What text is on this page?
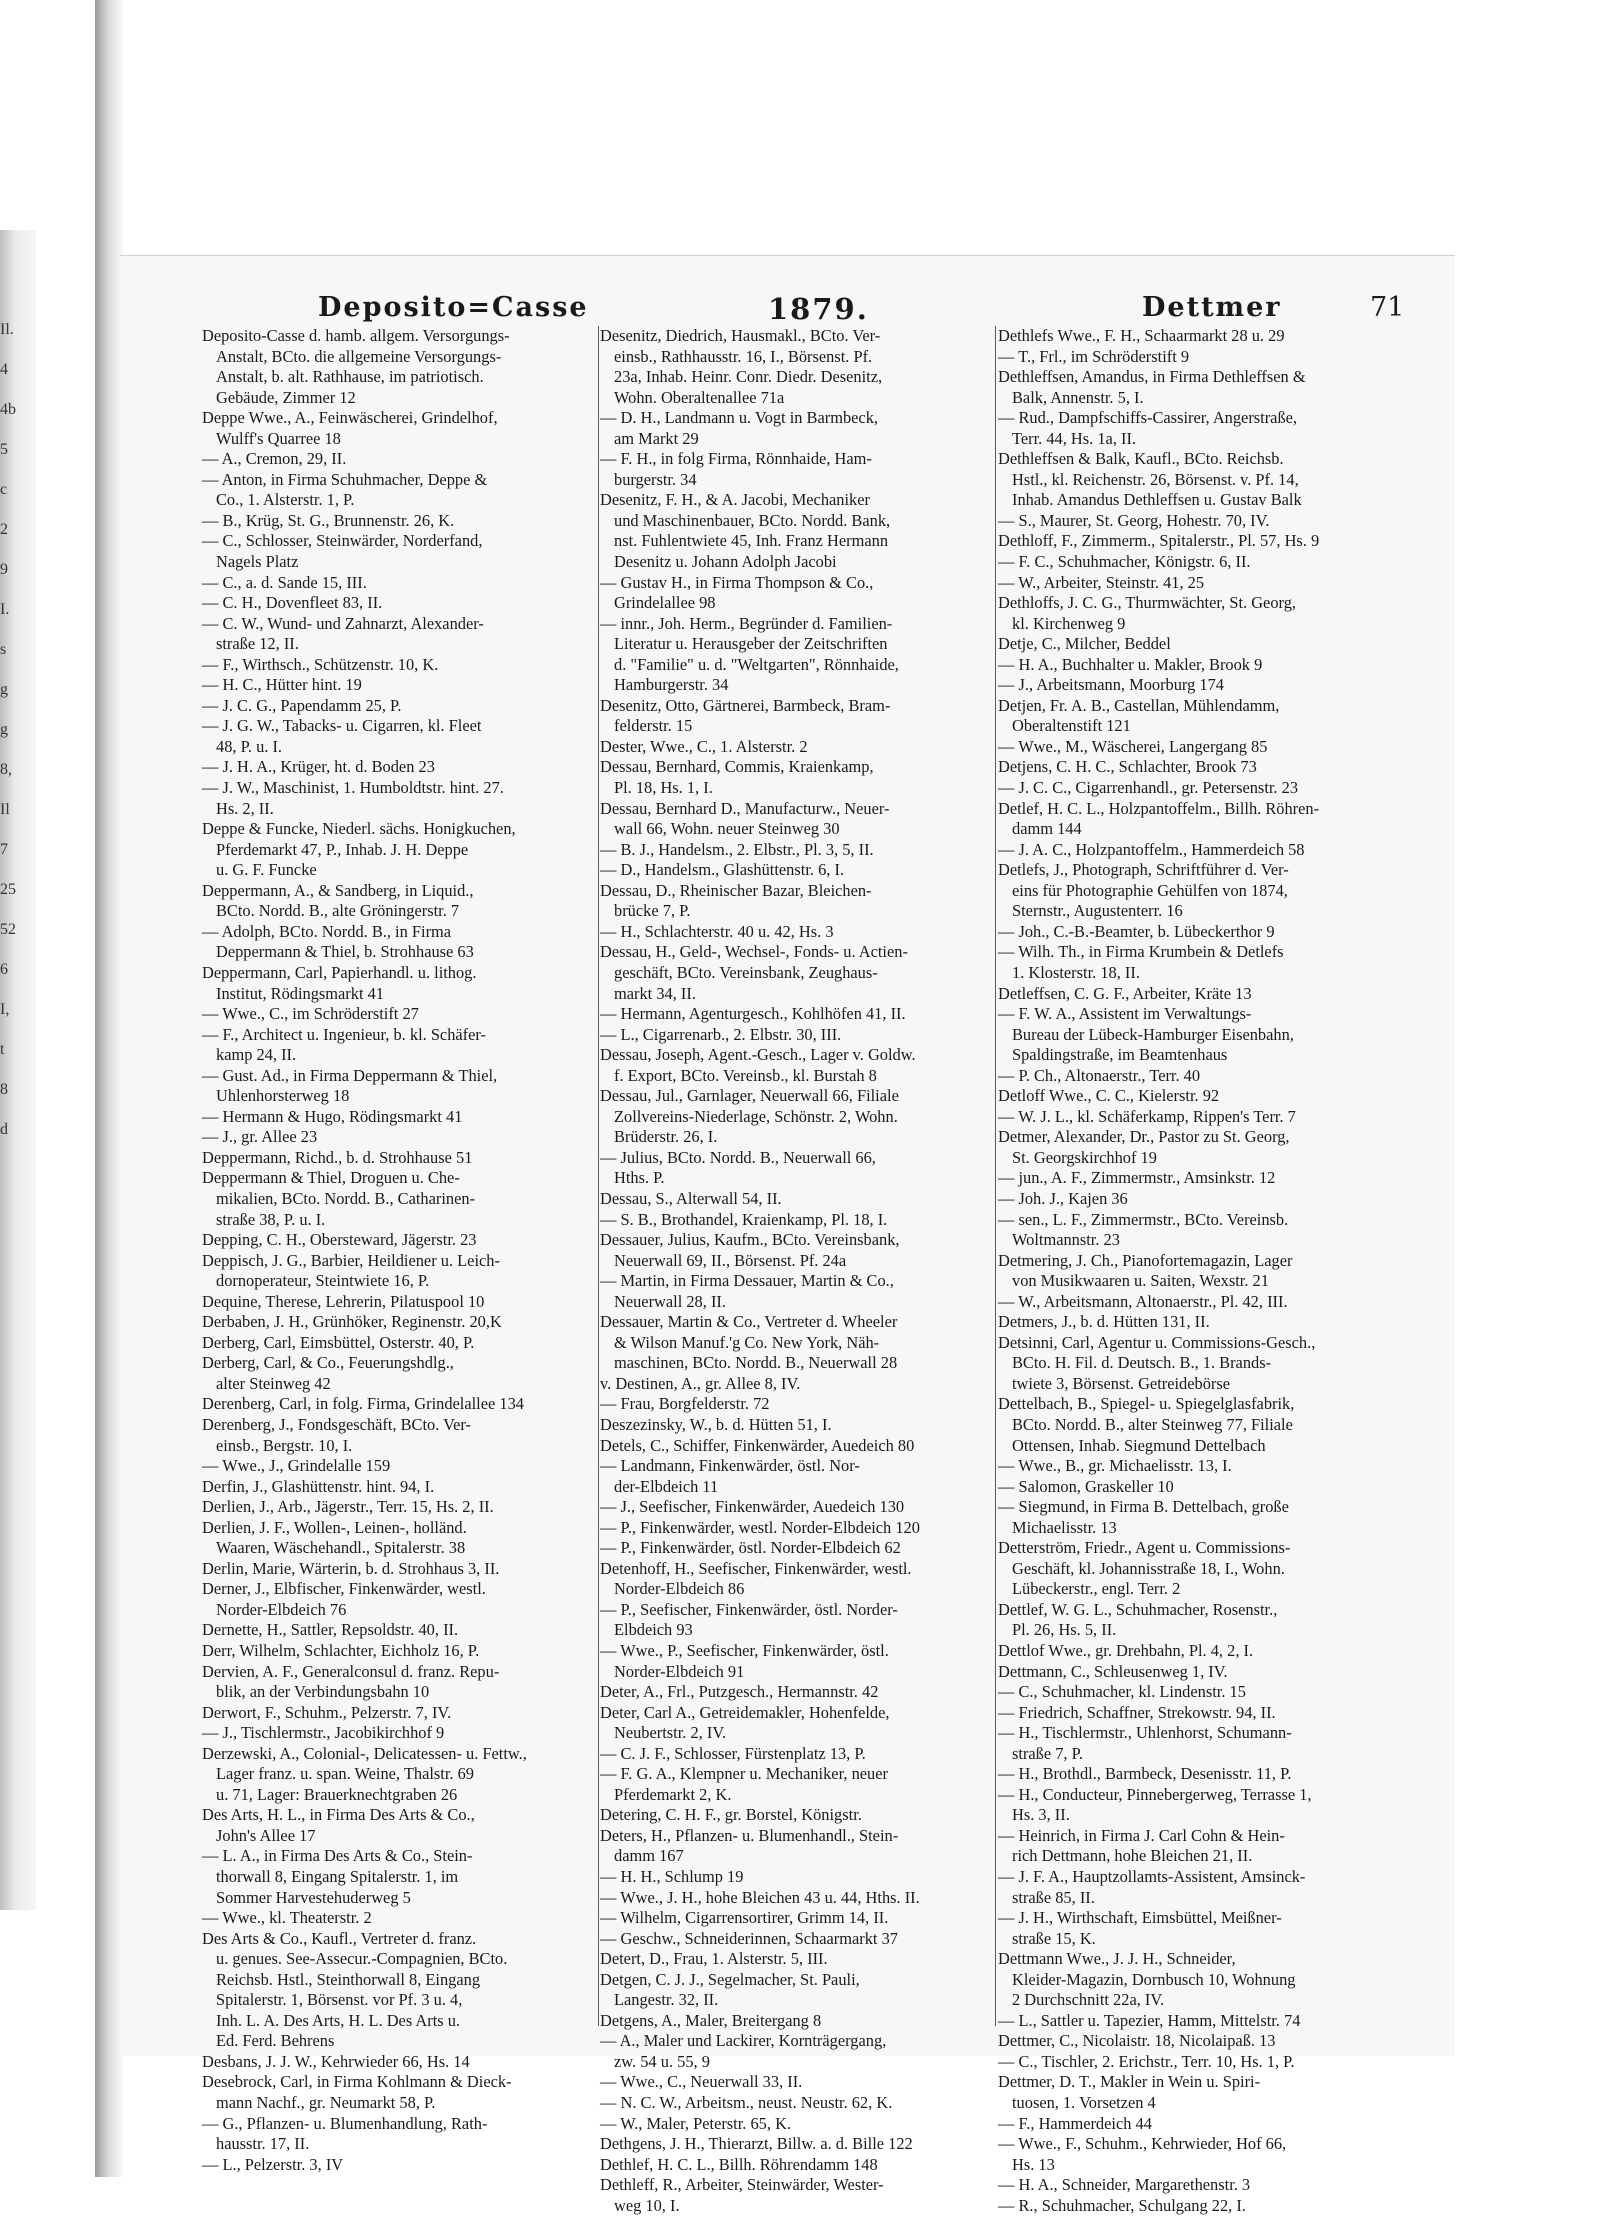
Il.
4
4b
5
c
2
9
I.
s
g
g
8,
Il
7
25
52
6
I,
t
8
d
Deposito=Casse	1879.	Dettmer	71
Deposito-Casse d. hamb. allgem. Versorgungs-
Anstalt, BCto. die allgemeine Versorgungs-
Anstalt, b. alt. Rathhause, im patriotisch.
Gebäude, Zimmer 12
Deppe Wwe., A., Feinwäscherei, Grindelhof,
Wulff's Quarree 18
— A., Cremon, 29, II.
— Anton, in Firma Schuhmacher, Deppe &
Co., 1. Alsterstr. 1, P.
— B., Krüg, St. G., Brunnenstr. 26, K.
— C., Schlosser, Steinwärder, Norderfand,
Nagels Platz
— C., a. d. Sande 15, III.
— C. H., Dovenfleet 83, II.
— C. W., Wund- und Zahnarzt, Alexander-
straße 12, II.
— F., Wirthsch., Schützenstr. 10, K.
— H. C., Hütter hint. 19
— J. C. G., Papendamm 25, P.
— J. G. W., Tabacks- u. Cigarren, kl. Fleet
48, P. u. I.
— J. H. A., Krüger, ht. d. Boden 23
— J. W., Maschinist, 1. Humboldtstr. hint. 27.
Hs. 2, II.
Deppe & Funcke, Niederl. sächs. Honigkuchen,
Pferdemarkt 47, P., Inhab. J. H. Deppe
u. G. F. Funcke
Deppermann, A., & Sandberg, in Liquid.,
BCto. Nordd. B., alte Gröningerstr. 7
— Adolph, BCto. Nordd. B., in Firma
Deppermann & Thiel, b. Strohhause 63
Deppermann, Carl, Papierhandl. u. lithog.
Institut, Rödingsmarkt 41
— Wwe., C., im Schröderstift 27
— F., Architect u. Ingenieur, b. kl. Schäfer-
kamp 24, II.
— Gust. Ad., in Firma Deppermann & Thiel,
Uhlenhorsterweg 18
— Hermann & Hugo, Rödingsmarkt 41
— J., gr. Allee 23
Deppermann, Richd., b. d. Strohhause 51
Deppermann & Thiel, Droguen u. Che-
mikalien, BCto. Nordd. B., Catharinen-
straße 38, P. u. I.
Depping, C. H., Obersteward, Jägerstr. 23
Deppisch, J. G., Barbier, Heildiener u. Leich-
dornoperateur, Steintwiete 16, P.
Dequine, Therese, Lehrerin, Pilatuspool 10
Derbaben, J. H., Grünhöker, Reginenstr. 20,K
Derberg, Carl, Eimsbüttel, Osterstr. 40, P.
Derberg, Carl, & Co., Feuerungshdlg.,
alter Steinweg 42
Derenberg, Carl, in folg. Firma, Grindelallee 134
Derenberg, J., Fondsgeschäft, BCto. Ver-
einsb., Bergstr. 10, I.
— Wwe., J., Grindelalle 159
Derfin, J., Glashüttenstr. hint. 94, I.
Derlien, J., Arb., Jägerstr., Terr. 15, Hs. 2, II.
Derlien, J. F., Wollen-, Leinen-, holländ.
Waaren, Wäschehandl., Spitalerstr. 38
Derlin, Marie, Wärterin, b. d. Strohhaus 3, II.
Derner, J., Elbfischer, Finkenwärder, westl.
Norder-Elbdeich 76
Dernette, H., Sattler, Repsoldstr. 40, II.
Derr, Wilhelm, Schlachter, Eichholz 16, P.
Dervien, A. F., Generalconsul d. franz. Repu-
blik, an der Verbindungsbahn 10
Derwort, F., Schuhm., Pelzerstr. 7, IV.
— J., Tischlermstr., Jacobikirchhof 9
Derzewski, A., Colonial-, Delicatessen- u. Fettw.,
Lager franz. u. span. Weine, Thalstr. 69
u. 71, Lager: Brauerknechtgraben 26
Des Arts, H. L., in Firma Des Arts & Co.,
John's Allee 17
— L. A., in Firma Des Arts & Co., Stein-
thorwall 8, Eingang Spitalerstr. 1, im
Sommer Harvestehuderweg 5
— Wwe., kl. Theaterstr. 2
Des Arts & Co., Kaufl., Vertreter d. franz.
u. genues. See-Assecur.-Compagnien, BCto.
Reichsb. Hstl., Steinthorwall 8, Eingang
Spitalerstr. 1, Börsenst. vor Pf. 3 u. 4,
Inh. L. A. Des Arts, H. L. Des Arts u.
Ed. Ferd. Behrens
Desbans, J. J. W., Kehrwieder 66, Hs. 14
Desebrock, Carl, in Firma Kohlmann & Dieck-
mann Nachf., gr. Neumarkt 58, P.
— G., Pflanzen- u. Blumenhandlung, Rath-
hausstr. 17, II.
— L., Pelzerstr. 3, IV
Desenitz, Diedrich, Hausmakl., BCto. Ver-
einsb., Rathhausstr. 16, I., Börsenst. Pf.
23a, Inhab. Heinr. Conr. Diedr. Desenitz,
Wohn. Oberaltenallee 71a
— D. H., Landmann u. Vogt in Barmbeck,
am Markt 29
— F. H., in folg Firma, Rönnhaide, Ham-
burgerstr. 34
Desenitz, F. H., & A. Jacobi, Mechaniker
und Maschinenbauer, BCto. Nordd. Bank,
nst. Fuhlentwiete 45, Inh. Franz Hermann
Desenitz u. Johann Adolph Jacobi
— Gustav H., in Firma Thompson & Co.,
Grindelallee 98
— innr., Joh. Herm., Begründer d. Familien-
Literatur u. Herausgeber der Zeitschriften
d. "Familie" u. d. "Weltgarten", Rönnhaide,
Hamburgerstr. 34
Desenitz, Otto, Gärtnerei, Barmbeck, Bram-
felderstr. 15
Dester, Wwe., C., 1. Alsterstr. 2
Dessau, Bernhard, Commis, Kraienkamp,
Pl. 18, Hs. 1, I.
Dessau, Bernhard D., Manufacturw., Neuer-
wall 66, Wohn. neuer Steinweg 30
— B. J., Handelsm., 2. Elbstr., Pl. 3, 5, II.
— D., Handelsm., Glashüttenstr. 6, I.
Dessau, D., Rheinischer Bazar, Bleichen-
brücke 7, P.
— H., Schlachterstr. 40 u. 42, Hs. 3
Dessau, H., Geld-, Wechsel-, Fonds- u. Actien-
geschäft, BCto. Vereinsbank, Zeughaus-
markt 34, II.
— Hermann, Agenturgesch., Kohlhöfen 41, II.
— L., Cigarrenarb., 2. Elbstr. 30, III.
Dessau, Joseph, Agent.-Gesch., Lager v. Goldw.
f. Export, BCto. Vereinsb., kl. Burstah 8
Dessau, Jul., Garnlager, Neuerwall 66, Filiale
Zollvereins-Niederlage, Schönstr. 2, Wohn.
Brüderstr. 26, I.
— Julius, BCto. Nordd. B., Neuerwall 66,
Hths. P.
Dessau, S., Alterwall 54, II.
— S. B., Brothandel, Kraienkamp, Pl. 18, I.
Dessauer, Julius, Kaufm., BCto. Vereinsbank,
Neuerwall 69, II., Börsenst. Pf. 24a
— Martin, in Firma Dessauer, Martin & Co.,
Neuerwall 28, II.
Dessauer, Martin & Co., Vertreter d. Wheeler
& Wilson Manuf.'g Co. New York, Näh-
maschinen, BCto. Nordd. B., Neuerwall 28
v. Destinen, A., gr. Allee 8, IV.
— Frau, Borgfelderstr. 72
Deszezinsky, W., b. d. Hütten 51, I.
Detels, C., Schiffer, Finkenwärder, Auedeich 80
— Landmann, Finkenwärder, östl. Nor-
der-Elbdeich 11
— J., Seefischer, Finkenwärder, Auedeich 130
— P., Finkenwärder, westl. Norder-Elbdeich 120
— P., Finkenwärder, östl. Norder-Elbdeich 62
Detenhoff, H., Seefischer, Finkenwärder, westl.
Norder-Elbdeich 86
— P., Seefischer, Finkenwärder, östl. Norder-
Elbdeich 93
— Wwe., P., Seefischer, Finkenwärder, östl.
Norder-Elbdeich 91
Deter, A., Frl., Putzgesch., Hermannstr. 42
Deter, Carl A., Getreidemakler, Hohenfelde,
Neubertstr. 2, IV.
— C. J. F., Schlosser, Fürstenplatz 13, P.
— F. G. A., Klempner u. Mechaniker, neuer
Pferdemarkt 2, K.
Detering, C. H. F., gr. Borstel, Königstr.
Deters, H., Pflanzen- u. Blumenhandl., Stein-
damm 167
— H. H., Schlump 19
— Wwe., J. H., hohe Bleichen 43 u. 44, Hths. II.
— Wilhelm, Cigarrensortirer, Grimm 14, II.
— Geschw., Schneiderinnen, Schaarmarkt 37
Detert, D., Frau, 1. Alsterstr. 5, III.
Detgen, C. J. J., Segelmacher, St. Pauli,
Langestr. 32, II.
Detgens, A., Maler, Breitergang 8
— A., Maler und Lackirer, Kornträgergang,
zw. 54 u. 55, 9
— Wwe., C., Neuerwall 33, II.
— N. C. W., Arbeitsm., neust. Neustr. 62, K.
— W., Maler, Peterstr. 65, K.
Dethgens, J. H., Thierarzt, Billw. a. d. Bille 122
Dethlef, H. C. L., Billh. Röhrendamm 148
Dethleff, R., Arbeiter, Steinwärder, Wester-
weg 10, I.
Dethlefs Wwe., F. H., Schaarmarkt 28 u. 29
— T., Frl., im Schröderstift 9
Dethleffsen, Amandus, in Firma Dethleffsen &
Balk, Annenstr. 5, I.
— Rud., Dampfschiffs-Cassirer, Angerstraße,
Terr. 44, Hs. 1a, II.
Dethleffsen & Balk, Kaufl., BCto. Reichsb.
Hstl., kl. Reichenstr. 26, Börsenst. v. Pf. 14,
Inhab. Amandus Dethleffsen u. Gustav Balk
— S., Maurer, St. Georg, Hohestr. 70, IV.
Dethloff, F., Zimmerm., Spitalerstr., Pl. 57, Hs. 9
— F. C., Schuhmacher, Königstr. 6, II.
— W., Arbeiter, Steinstr. 41, 25
Dethloffs, J. C. G., Thurmwächter, St. Georg,
kl. Kirchenweg 9
Detje, C., Milcher, Beddel
— H. A., Buchhalter u. Makler, Brook 9
— J., Arbeitsmann, Moorburg 174
Detjen, Fr. A. B., Castellan, Mühlendamm,
Oberaltenstift 121
— Wwe., M., Wäscherei, Langergang 85
Detjens, C. H. C., Schlachter, Brook 73
— J. C. C., Cigarrenhandl., gr. Petersenstr. 23
Detlef, H. C. L., Holzpantoffelm., Billh. Röhren-
damm 144
— J. A. C., Holzpantoffelm., Hammerdeich 58
Detlefs, J., Photograph, Schriftführer d. Ver-
eins für Photographie Gehülfen von 1874,
Sternstr., Augustenterr. 16
— Joh., C.-B.-Beamter, b. Lübeckerthor 9
— Wilh. Th., in Firma Krumbein & Detlefs
1. Klosterstr. 18, II.
Detleffsen, C. G. F., Arbeiter, Kräte 13
— F. W. A., Assistent im Verwaltungs-
Bureau der Lübeck-Hamburger Eisenbahn,
Spaldingstraße, im Beamtenhaus
— P. Ch., Altonaerstr., Terr. 40
Detloff Wwe., C. C., Kielerstr. 92
— W. J. L., kl. Schäferkamp, Rippen's Terr. 7
Detmer, Alexander, Dr., Pastor zu St. Georg,
St. Georgskirchhof 19
— jun., A. F., Zimmermstr., Amsinkstr. 12
— Joh. J., Kajen 36
— sen., L. F., Zimmermstr., BCto. Vereinsb.
Woltmannstr. 23
Detmering, J. Ch., Pianofortemagazin, Lager
von Musikwaaren u. Saiten, Wexstr. 21
— W., Arbeitsmann, Altonaerstr., Pl. 42, III.
Detmers, J., b. d. Hütten 131, II.
Detsinni, Carl, Agentur u. Commissions-Gesch.,
BCto. H. Fil. d. Deutsch. B., 1. Brands-
twiete 3, Börsenst. Getreidebörse
Dettelbach, B., Spiegel- u. Spiegelglasfabrik,
BCto. Nordd. B., alter Steinweg 77, Filiale
Ottensen, Inhab. Siegmund Dettelbach
— Wwe., B., gr. Michaelisstr. 13, I.
— Salomon, Graskeller 10
— Siegmund, in Firma B. Dettelbach, große
Michaelisstr. 13
Detterström, Friedr., Agent u. Commissions-
Geschäft, kl. Johannisstraße 18, I., Wohn.
Lübeckerstr., engl. Terr. 2
Dettlef, W. G. L., Schuhmacher, Rosenstr.,
Pl. 26, Hs. 5, II.
Dettlof Wwe., gr. Drehbahn, Pl. 4, 2, I.
Dettmann, C., Schleusenweg 1, IV.
— C., Schuhmacher, kl. Lindenstr. 15
— Friedrich, Schaffner, Strekowstr. 94, II.
— H., Tischlermstr., Uhlenhorst, Schumann-
straße 7, P.
— H., Brothdl., Barmbeck, Desenisstr. 11, P.
— H., Conducteur, Pinnebergerweg, Terrasse 1,
Hs. 3, II.
— Heinrich, in Firma J. Carl Cohn & Hein-
rich Dettmann, hohe Bleichen 21, II.
— J. F. A., Hauptzollamts-Assistent, Amsinck-
straße 85, II.
— J. H., Wirthschaft, Eimsbüttel, Meißner-
straße 15, K.
Dettmann Wwe., J. J. H., Schneider,
Kleider-Magazin, Dornbusch 10, Wohnung
2 Durchschnitt 22a, IV.
— L., Sattler u. Tapezier, Hamm, Mittelstr. 74
Dettmer, C., Nicolaistr. 18, Nicolaipaß. 13
— C., Tischler, 2. Erichstr., Terr. 10, Hs. 1, P.
Dettmer, D. T., Makler in Wein u. Spiri-
tuosen, 1. Vorsetzen 4
— F., Hammerdeich 44
— Wwe., F., Schuhm., Kehrwieder, Hof 66,
Hs. 13
— H. A., Schneider, Margarethenstr. 3
— R., Schuhmacher, Schulgang 22, I.
